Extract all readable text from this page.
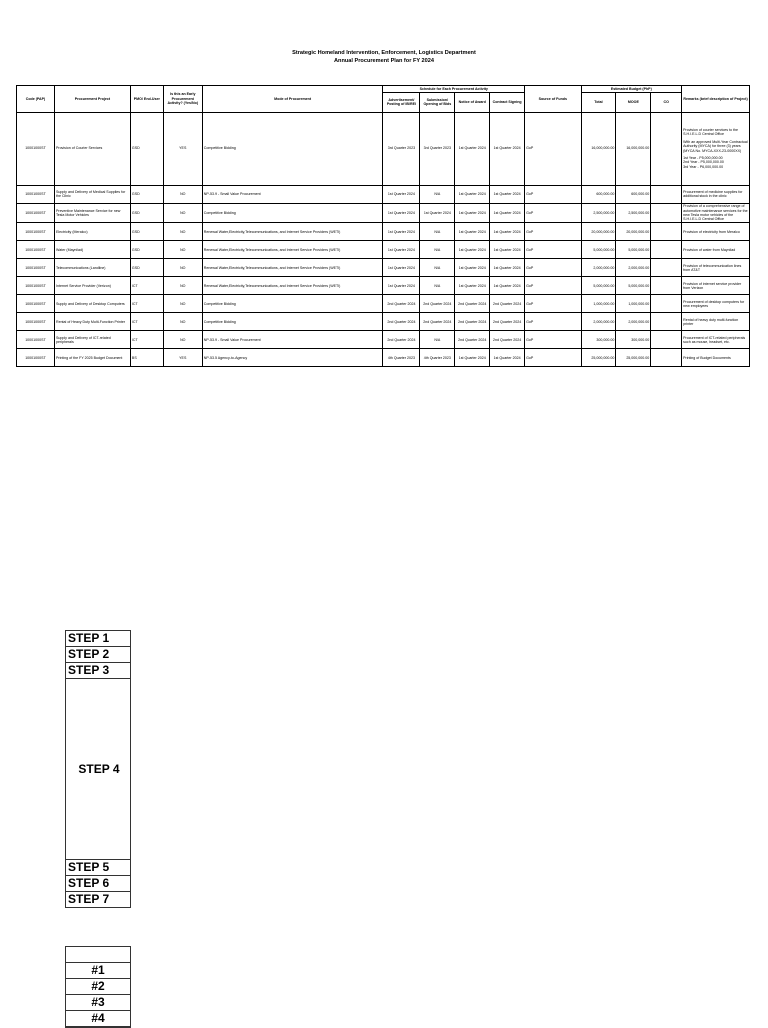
Strategic Homeland Intervention, Enforcement, Logistics Department
Annual Procurement Plan for FY 2024
Code (PAP)	Procurement Project	PMO/ End-User	Is this an Early Procurement Activity? (Yes/No)	Mode of Procurement	Schedule for Each Procurement Activity				Source of Funds	Estimated Budget (PhP)			Remarks (brief description of Project)
					Advertisement/ Posting of IB/REI	Submission/ Opening of Bids	Notice of Award	Contract Signing		Total	MOOE	CO	
10001000ST	Provision of Courier Services	GSD	YES	Competitive Bidding	3rd Quarter 2023	3rd Quarter 2023	1st Quarter 2024	1st Quarter 2024	GoP	16,000,000.00	16,000,000.00		Provision of courier services to the S.H.I.E.L.D Central Office
With an approved Multi-Year Contractual Authority (MYCA) for three (3) years (MYCA No. MYCA-XXX-23-0000XX)
1st Year - P5,000,000.00
2nd Year - P5,000,000.00
3rd Year - P6,000,000.00

10001000ST	Supply and Delivery of Medical Supplies for the Clinic	GSD	NO	NP-53.9 - Small Value Procurement	1st Quarter 2024	N/A	1st Quarter 2024	1st Quarter 2024	GoP	600,000.00	600,000.00		Procurement of medicine supplies for additional stock in the clinic

10001000ST	Preventive Maintenance Service for new Tesla Motor Vehicles	GSD	NO	Competitive Bidding	1st Quarter 2024	1st Quarter 2024	1st Quarter 2024	1st Quarter 2024	GoP	2,500,000.00	2,500,000.00		Provision of a comprehensive range of automotive maintenance services for the new Tesla motor vehicles of the S.H.I.E.L.D Central Office

10001000ST	Electricity (Meralco)	GSD	NO	Renewal Water,Electricity,Telecommunications, and Internet Service Providers (WETI)	1st Quarter 2024	N/A	1st Quarter 2024	1st Quarter 2024	GoP	20,000,000.00	20,000,000.00		Provision of electricity from Meralco

10001000ST	Water (Maynilad)	GSD	NO	Renewal Water,Electricity,Telecommunications, and Internet Service Providers (WETI)	1st Quarter 2024	N/A	1st Quarter 2024	1st Quarter 2024	GoP	5,000,000.00	5,000,000.00		Provision of water from Maynilad

10001000ST	Telecommunications (Landline)	GSD	NO	Renewal Water,Electricity,Telecommunications, and Internet Service Providers (WETI)	1st Quarter 2024	N/A	1st Quarter 2024	1st Quarter 2024	GoP	2,000,000.00	2,000,000.00		Provision of telecommunication lines from AT&T

10001000ST	Internet Service Provider (Verizon)	ICT	NO	Renewal Water,Electricity,Telecommunications, and Internet Service Providers (WETI)	1st Quarter 2024	N/A	1st Quarter 2024	1st Quarter 2024	GoP	5,000,000.00	5,000,000.00		Provision of internet service provider from Verizon

10001000ST	Supply and Delivery of Desktop Computers	ICT	NO	Competitive Bidding	2nd Quarter 2024	2nd Quarter 2024	2nd Quarter 2024	2nd Quarter 2024	GoP	1,000,000.00	1,000,000.00		Procurement of desktop computers for new employees

10001000ST	Rental of Heavy Duty Multi-Function Printer	ICT	NO	Competitive Bidding	2nd Quarter 2024	2nd Quarter 2024	2nd Quarter 2024	2nd Quarter 2024	GoP	2,000,000.00	2,000,000.00		Rental of heavy duty multi-function printer

10001000ST	Supply and Delivery of ICT-related peripherals	ICT	NO	NP-53.9 - Small Value Procurement	2nd Quarter 2024	N/A	2nd Quarter 2024	2nd Quarter 2024	GoP	300,000.00	300,000.00		Procurement of ICT-related peripherals such as mouse, headset, etc.

10001000ST	Printing of the FY 2025 Budget Document	BS	YES	NP-53.5 Agency-to-Agency	4th Quarter 2023	4th Quarter 2023	1st Quarter 2024	1st Quarter 2024	GoP	25,000,000.00	25,000,000.00		Printing of Budget Documents
STEP 1
STEP 2
STEP 3
STEP 4
STEP 5
STEP 6
STEP 7
#1
#2
#3
#4
